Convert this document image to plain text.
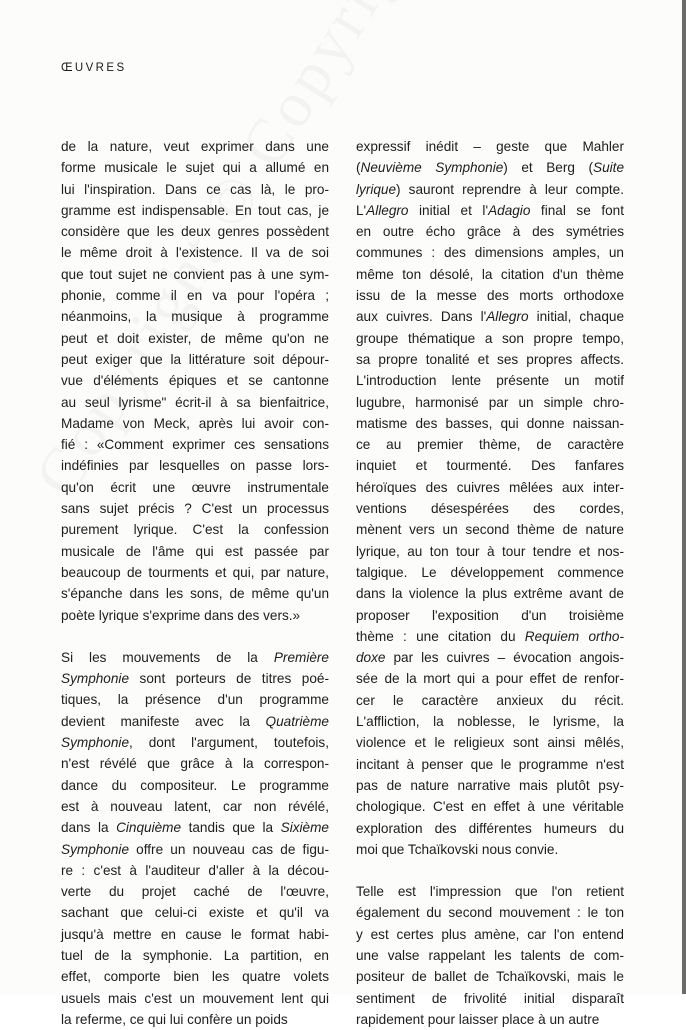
ŒUVRES
de la nature, veut exprimer dans une
forme musicale le sujet qui a allumé en
lui l'inspiration. Dans ce cas là, le pro-
gramme est indispensable. En tout cas, je
considère que les deux genres possèdent
le même droit à l'existence. Il va de soi
que tout sujet ne convient pas à une sym-
phonie, comme il en va pour l'opéra ;
néanmoins, la musique à programme
peut et doit exister, de même qu'on ne
peut exiger que la littérature soit dépour-
vue d'éléments épiques et se cantonne
au seul lyrisme" écrit-il à sa bienfaitrice,
Madame von Meck, après lui avoir con-
fié : «Comment exprimer ces sensations
indéfinies par lesquelles on passe lors-
qu'on écrit une œuvre instrumentale
sans sujet précis ? C'est un processus
purement lyrique. C'est la confession
musicale de l'âme qui est passée par
beaucoup de tourments et qui, par nature,
s'épanche dans les sons, de même qu'un
poète lyrique s'exprime dans des vers.»
Si les mouvements de la Première
Symphonie sont porteurs de titres poé-
tiques, la présence d'un programme
devient manifeste avec la Quatrième
Symphonie, dont l'argument, toutefois,
n'est révélé que grâce à la correspon-
dance du compositeur. Le programme
est à nouveau latent, car non révélé,
dans la Cinquième tandis que la Sixième
Symphonie offre un nouveau cas de figu-
re : c'est à l'auditeur d'aller à la décou-
verte du projet caché de l'œuvre,
sachant que celui-ci existe et qu'il va
jusqu'à mettre en cause le format habi-
tuel de la symphonie. La partition, en
effet, comporte bien les quatre volets
usuels mais c'est un mouvement lent qui
la referme, ce qui lui confère un poids
expressif inédit – geste que Mahler
(Neuvième Symphonie) et Berg (Suite
lyrique) sauront reprendre à leur compte.
L'Allegro initial et l'Adagio final se font
en outre écho grâce à des symétries
communes : des dimensions amples, un
même ton désolé, la citation d'un thème
issu de la messe des morts orthodoxe
aux cuivres. Dans l'Allegro initial, chaque
groupe thématique a son propre tempo,
sa propre tonalité et ses propres affects.
L'introduction lente présente un motif
lugubre, harmonisé par un simple chro-
matisme des basses, qui donne naissan-
ce au premier thème, de caractère
inquiet et tourmenté. Des fanfares
héroïques des cuivres mêlées aux inter-
ventions désespérées des cordes,
mènent vers un second thème de nature
lyrique, au ton tour à tour tendre et nos-
talgique. Le développement commence
dans la violence la plus extrême avant de
proposer l'exposition d'un troisième
thème : une citation du Requiem ortho-
doxe par les cuivres – évocation angois-
sée de la mort qui a pour effet de renfor-
cer le caractère anxieux du récit.
L'affliction, la noblesse, le lyrisme, la
violence et le religieux sont ainsi mêlés,
incitant à penser que le programme n'est
pas de nature narrative mais plutôt psy-
chologique. C'est en effet à une véritable
exploration des différentes humeurs du
moi que Tchaïkovski nous convie.
Telle est l'impression que l'on retient
également du second mouvement : le ton
y est certes plus amène, car l'on entend
une valse rappelant les talents de com-
positeur de ballet de Tchaïkovski, mais le
sentiment de frivolité initial disparaît
rapidement pour laisser place à un autre
